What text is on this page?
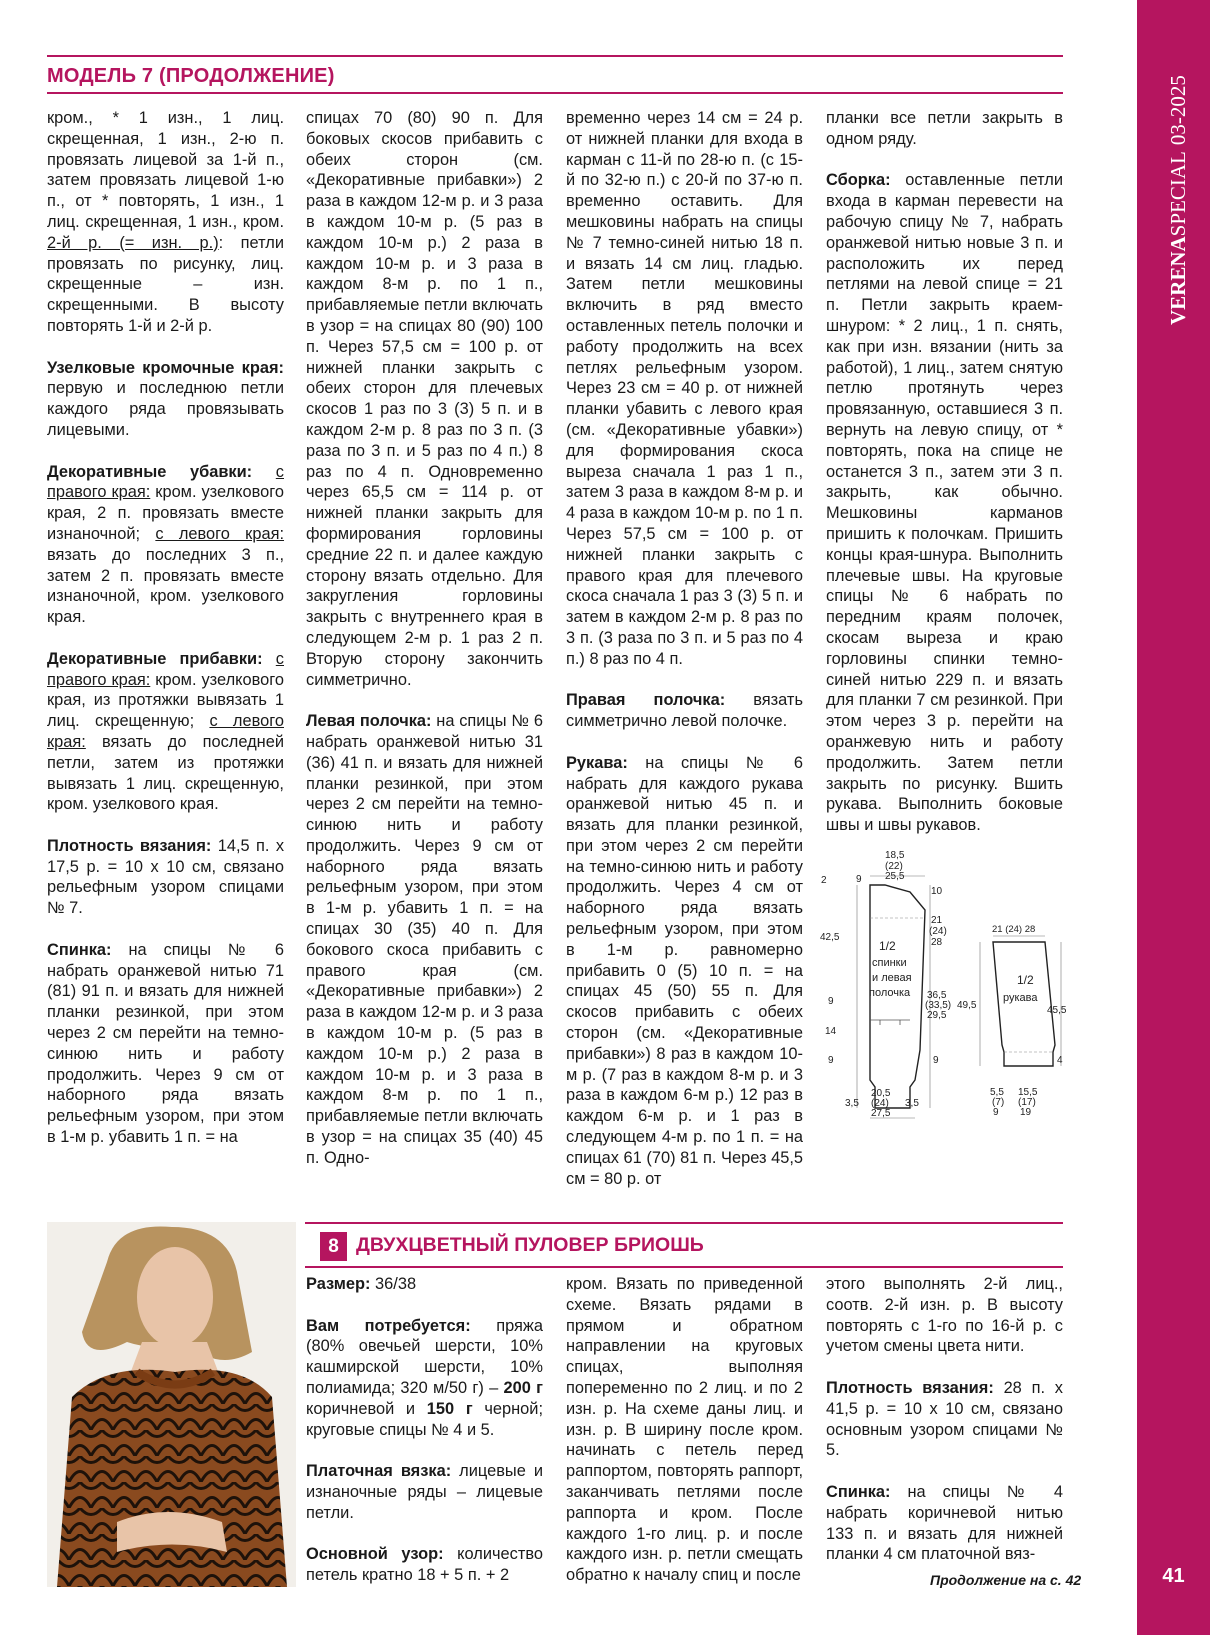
VERENASPECIAL03-2025
41
МОДЕЛЬ 7 (ПРОДОЛЖЕНИЕ)

кром., * 1 изн., 1 лиц. скрещенная, 1 изн., 2-ю п. провязать лицевой за 1-й п., затем провязать лицевой 1-ю п., от * повторять, 1 изн., 1 лиц. скрещенная, 1 изн., кром. 2-й р. (= изн. р.): петли провязать по рисунку, лиц. скрещенные – изн. скрещенными. В высоту повторять 1-й и 2-й р.

Узелковые кромочные края: первую и последнюю петли каждого ряда провязывать лицевыми.

Декоративные убавки: с правого края: кром. узелкового края, 2 п. провязать вместе изнаночной; с левого края: вязать до последних 3 п., затем 2 п. провязать вместе изнаночной, кром. узелкового края.

Декоративные прибавки: с правого края: кром. узелкового края, из протяжки вывязать 1 лиц. скрещенную; с левого края: вязать до последней петли, затем из протяжки вывязать 1 лиц. скрещенную, кром. узелкового края.

Плотность вязания: 14,5 п. х 17,5 р. = 10 х 10 см, связано рельефным узором спицами № 7.

Спинка: на спицы № 6 набрать оранжевой нитью 71 (81) 91 п. и вязать для нижней планки резинкой, при этом через 2 см перейти на темно-синюю нить и работу продолжить. Через 9 см от наборного ряда вязать рельефным узором, при этом в 1-м р. убавить 1 п. = на

спицах 70 (80) 90 п. Для боковых скосов прибавить с обеих сторон (см. «Декоративные прибавки») 2 раза в каждом 12-м р. и 3 раза в каждом 10-м р. (5 раз в каждом 10-м р.) 2 раза в каждом 10-м р. и 3 раза в каждом 8-м р. по 1 п., прибавляемые петли включать в узор = на спицах 80 (90) 100 п. Через 57,5 см = 100 р. от нижней планки закрыть с обеих сторон для плечевых скосов 1 раз по 3 (3) 5 п. и в каждом 2-м р. 8 раз по 3 п. (3 раза по 3 п. и 5 раз по 4 п.) 8 раз по 4 п. Одновременно через 65,5 см = 114 р. от нижней планки закрыть для формирования горловины средние 22 п. и далее каждую сторону вязать отдельно. Для закругления горловины закрыть с внутреннего края в следующем 2-м р. 1 раз 2 п. Вторую сторону закончить симметрично.

Левая полочка: на спицы № 6 набрать оранжевой нитью 31 (36) 41 п. и вязать для нижней планки резинкой, при этом через 2 см перейти на темно-синюю нить и работу продолжить. Через 9 см от наборного ряда вязать рельефным узором, при этом в 1-м р. убавить 1 п. = на спицах 30 (35) 40 п. Для бокового скоса прибавить с правого края (см. «Декоративные прибавки») 2 раза в каждом 12-м р. и 3 раза в каждом 10-м р. (5 раз в каждом 10-м р.) 2 раза в каждом 10-м р. и 3 раза в каждом 8-м р. по 1 п., прибавляемые петли включать в узор = на спицах 35 (40) 45 п. Одно-

временно через 14 см = 24 р. от нижней планки для входа в карман с 11-й по 28-ю п. (с 15-й по 32-ю п.) с 20-й по 37-ю п. временно оставить. Для мешковины набрать на спицы № 7 темно-синей нитью 18 п. и вязать 14 см лиц. гладью. Затем петли мешковины включить в ряд вместо оставленных петель полочки и работу продолжить на всех петлях рельефным узором. Через 23 см = 40 р. от нижней планки убавить с левого края (см. «Декоративные убавки») для формирования скоса выреза сначала 1 раз 1 п., затем 3 раза в каждом 8-м р. и 4 раза в каждом 10-м р. по 1 п. Через 57,5 см = 100 р. от нижней планки закрыть с правого края для плечевого скоса сначала 1 раз 3 (3) 5 п. и затем в каждом 2-м р. 8 раз по 3 п. (3 раза по 3 п. и 5 раз по 4 п.) 8 раз по 4 п.

Правая полочка: вязать симметрично левой полочке.

Рукава: на спицы № 6 набрать для каждого рукава оранжевой нитью 45 п. и вязать для планки резинкой, при этом через 2 см перейти на темно-синюю нить и работу продолжить. Через 4 см от наборного ряда вязать рельефным узором, при этом в 1-м р. равномерно прибавить 0 (5) 10 п. = на спицах 45 (50) 55 п. Для скосов прибавить с обеих сторон (см. «Декоративные прибавки») 8 раз в каждом 10-м р. (7 раз в каждом 8-м р. и 3 раза в каждом 6-м р.) 12 раз в каждом 6-м р. и 1 раз в следующем 4-м р. по 1 п. = на спицах 61 (70) 81 п. Через 45,5 см = 80 р. от

планки все петли закрыть в одном ряду.

Сборка: оставленные петли входа в карман перевести на рабочую спицу № 7, набрать оранжевой нитью новые 3 п. и расположить их перед петлями на левой спице = 21 п. Петли закрыть краем-шнуром: * 2 лиц., 1 п. снять, как при изн. вязании (нить за работой), 1 лиц., затем снятую петлю протянуть через провязанную, оставшиеся 3 п. вернуть на левую спицу, от * повторять, пока на спице не останется 3 п., затем эти 3 п. закрыть, как обычно. Мешковины карманов пришить к полочкам. Пришить концы края-шнура. Выполнить плечевые швы. На круговые спицы № 6 набрать по передним краям полочек, скосам выреза и краю горловины спинки темно-синей нитью 229 п. и вязать для планки 7 см резинкой. При этом через 3 р. перейти на оранжевую нить и работу продолжить. Затем петли закрыть по рисунку. Вшить рукава. Выполнить боковые швы и швы рукавов.

9
18,5
(22)
25,5
2
10
21
(24)
28
42,5
36,5
(33,5)
29,5
9
14
9	9
3,5
20,5
(24)
27,5
3,5
1/2
спинки
и левая
полочка
21 (24) 28
49,5	45,5
4
5,5
(7)
9
15,5
(17)
19
1/2
рукава
8 ДВУХЦВЕТНЫЙ ПУЛОВЕР БРИОШЬ

Размер: 36/38

Вам потребуется: пряжа (80% овечьей шерсти, 10% кашмирской шерсти, 10% полиамида; 320 м/50 г) – 200 г коричневой и 150 г черной; круговые спицы № 4 и 5.

Платочная вязка: лицевые и изнаночные ряды – лицевые петли.

Основной узор: количество петель кратно 18 + 5 п. + 2

кром. Вязать по приведенной схеме. Вязать рядами в прямом и обратном направлении на круговых спицах, выполняя попеременно по 2 лиц. и по 2 изн. р. На схеме даны лиц. и изн. р. В ширину после кром. начинать с петель перед раппортом, повторять раппорт, заканчивать петлями после раппорта и кром. После каждого 1-го лиц. р. и после каждого изн. р. петли смещать обратно к началу спиц и после

этого выполнять 2-й лиц., соотв. 2-й изн. р. В высоту повторять с 1-го по 16-й р. с учетом смены цвета нити.

Плотность вязания: 28 п. х 41,5 р. = 10 х 10 см, связано основным узором спицами № 5.

Спинка: на спицы № 4 набрать коричневой нитью 133 п. и вязать для нижней планки 4 см платочной вяз-

Продолжение на с. 42
